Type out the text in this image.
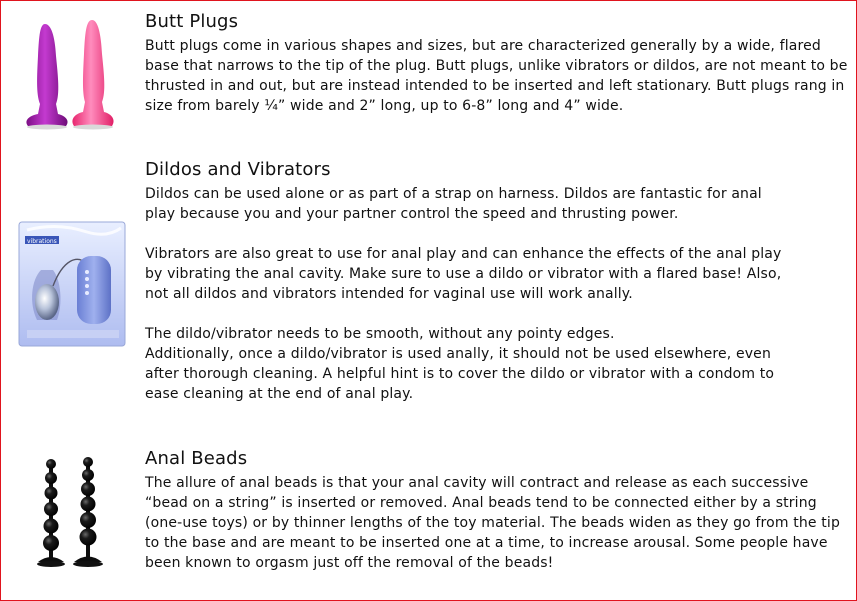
Butt Plugs

Butt plugs come in various shapes and sizes, but are characterized generally by a wide, flared base that narrows to the tip of the plug. Butt plugs, unlike vibrators or dildos, are not meant to be thrusted in and out, but are instead intended to be inserted and left stationary. Butt plugs rang in size from barely ¼” wide and 2” long, up to 6-8” long and 4” wide.

vibrations
Dildos and Vibrators

Dildos can be used alone or as part of a strap on harness. Dildos are fantastic for anal play because you and your partner control the speed and thrusting power.

Vibrators are also great to use for anal play and can enhance the effects of the anal play by vibrating the anal cavity. Make sure to use a dildo or vibrator with a flared base! Also, not all dildos and vibrators intended for vaginal use will work anally.

The dildo/vibrator needs to be smooth, without any pointy edges.

Additionally, once a dildo/vibrator is used anally, it should not be used elsewhere, even after thorough cleaning. A helpful hint is to cover the dildo or vibrator with a condom to ease cleaning at the end of anal play.

Anal Beads

The allure of anal beads is that your anal cavity will contract and release as each successive “bead on a string” is inserted or removed. Anal beads tend to be connected either by a string (one-use toys) or by thinner lengths of the toy material. The beads widen as they go from the tip to the base and are meant to be inserted one at a time, to increase arousal. Some people have been known to orgasm just off the removal of the beads!
